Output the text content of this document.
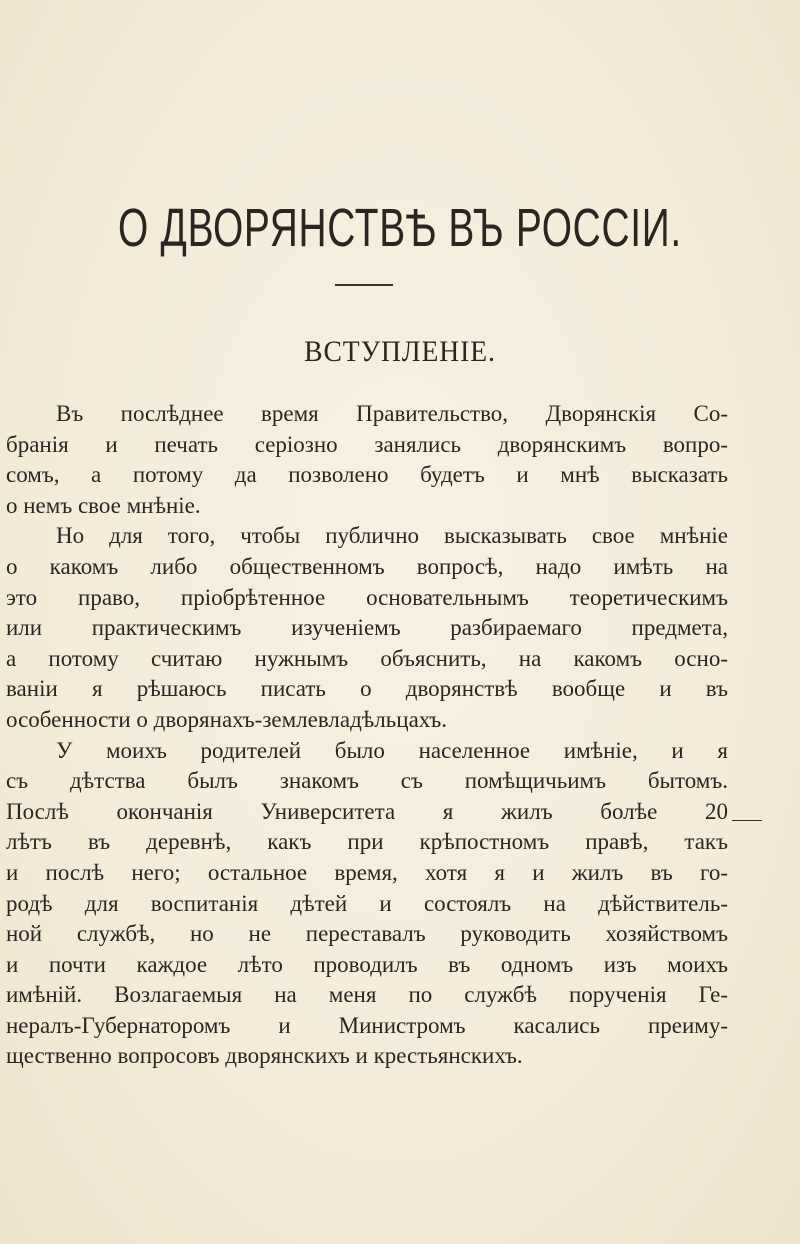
О ДВОРЯНСТВѢ ВЪ РОССІИ.
ВСТУПЛЕНІЕ.
Въ послѣднее время Правительство, Дворянскія Со-
бранія и печать серіозно занялись дворянскимъ вопро-
сомъ, а потому да позволено будетъ и мнѣ высказать
о немъ свое мнѣніе.
Но для того, чтобы публично высказывать свое мнѣніе
о какомъ либо общественномъ вопросѣ, надо имѣть на
это право, пріобрѣтенное основательнымъ теоретическимъ
или практическимъ изученіемъ разбираемаго предмета,
а потому считаю нужнымъ объяснить, на какомъ осно-
ваніи я рѣшаюсь писать о дворянствѣ вообще и въ
особенности о дворянахъ-землевладѣльцахъ.
У моихъ родителей было населенное имѣніе, и я
съ дѣтства былъ знакомъ съ помѣщичьимъ бытомъ.
Послѣ окончанія Университета я жилъ болѣе 20
лѣтъ въ деревнѣ, какъ при крѣпостномъ правѣ, такъ
и послѣ него; остальное время, хотя я и жилъ въ го-
родѣ для воспитанія дѣтей и состоялъ на дѣйствитель-
ной службѣ, но не переставалъ руководить хозяйствомъ
и почти каждое лѣто проводилъ въ одномъ изъ моихъ
имѣній. Возлагаемыя на меня по службѣ порученія Ге-
нералъ-Губернаторомъ и Министромъ касались преиму-
щественно вопросовъ дворянскихъ и крестьянскихъ.
